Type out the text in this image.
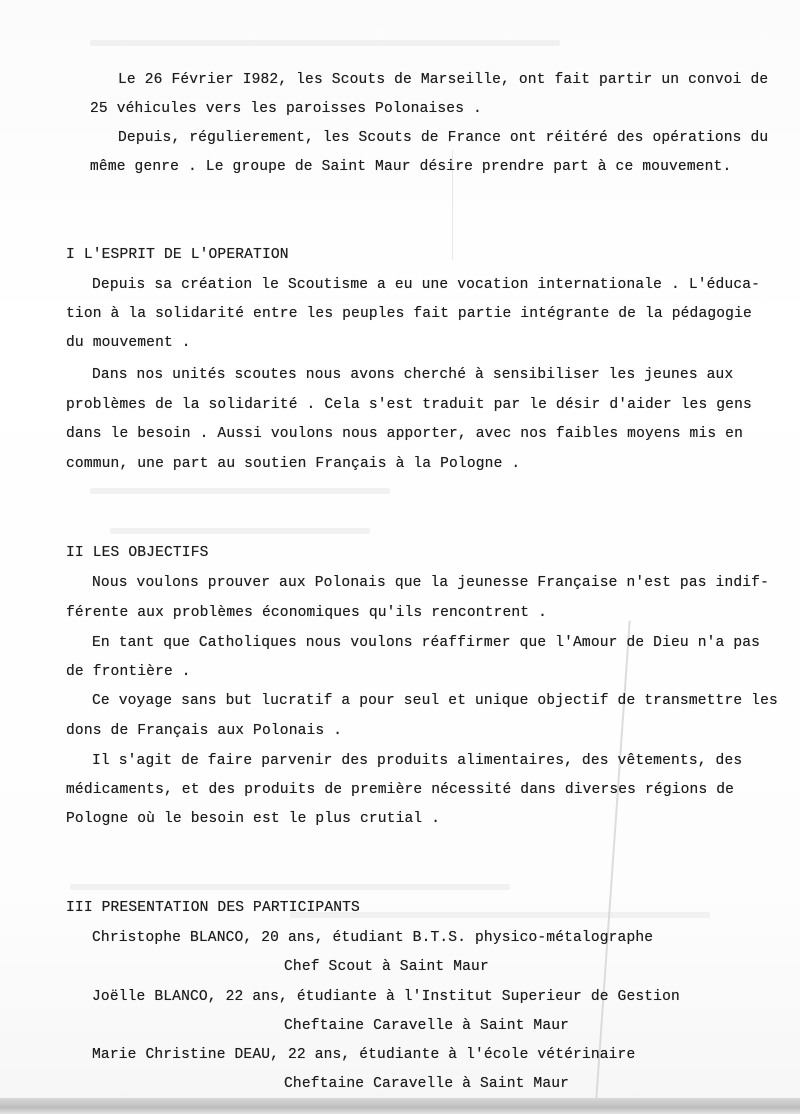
Le 26 Février I982, les Scouts de Marseille, ont fait partir un convoi de
25 véhicules vers les paroisses Polonaises .
Depuis, régulierement, les Scouts de France ont réitéré des opérations du
même genre . Le groupe de Saint Maur désire prendre part à ce mouvement.
I L'ESPRIT DE L'OPERATION
Depuis sa création le Scoutisme a eu une vocation internationale . L'éduca-
tion à la solidarité entre les peuples fait partie intégrante de la pédagogie
du mouvement .
Dans nos unités scoutes nous avons cherché à sensibiliser les jeunes aux
problèmes de la solidarité . Cela s'est traduit par le désir d'aider les gens
dans le besoin . Aussi voulons nous apporter, avec nos faibles moyens mis en
commun, une part au soutien Français à la Pologne .
II LES OBJECTIFS
Nous voulons prouver aux Polonais que la jeunesse Française n'est pas indif-
férente aux problèmes économiques qu'ils rencontrent .
En tant que Catholiques nous voulons réaffirmer que l'Amour de Dieu n'a pas
de frontière .
Ce voyage sans but lucratif a pour seul et unique objectif de transmettre les
dons de Français aux Polonais .
Il s'agit de faire parvenir des produits alimentaires, des vêtements, des
médicaments, et des produits de première nécessité dans diverses régions de
Pologne où le besoin est le plus crutial .
III PRESENTATION DES PARTICIPANTS
Christophe BLANCO, 20 ans, étudiant B.T.S. physico-métalographe
Chef Scout à Saint Maur
Joëlle BLANCO, 22 ans, étudiante à l'Institut Superieur de Gestion
Cheftaine Caravelle à Saint Maur
Marie Christine DEAU, 22 ans, étudiante à l'école vétérinaire
Cheftaine Caravelle à Saint Maur
